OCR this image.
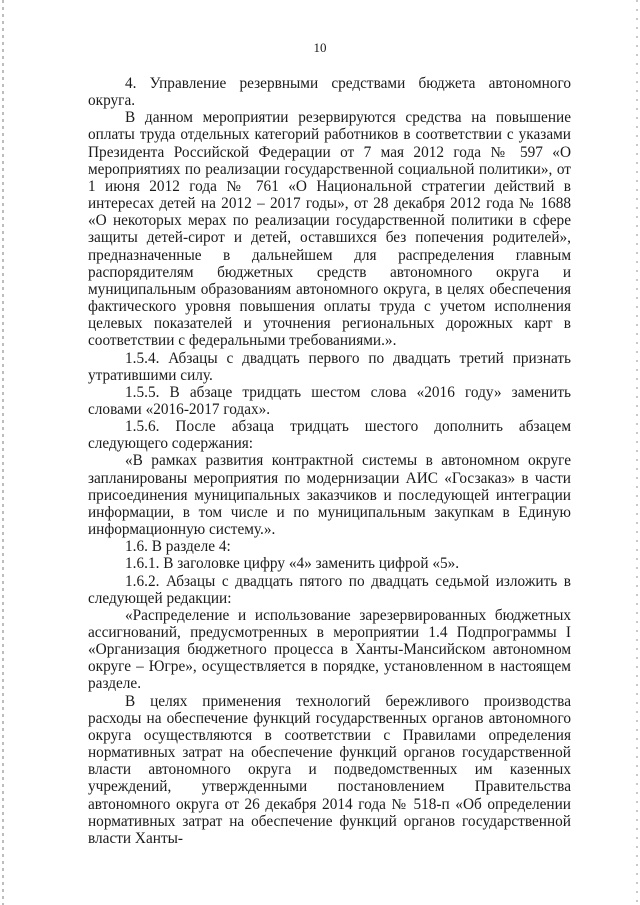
10

4. Управление резервными средствами бюджета автономного округа.

В данном мероприятии резервируются средства на повышение оплаты труда отдельных категорий работников в соответствии с указами Президента Российской Федерации от 7 мая 2012 года № 597 «О мероприятиях по реализации государственной социальной политики», от 1 июня 2012 года № 761 «О Национальной стратегии действий в интересах детей на 2012 – 2017 годы», от 28 декабря 2012 года № 1688 «О некоторых мерах по реализации государственной политики в сфере защиты детей-сирот и детей, оставшихся без попечения родителей», предназначенные в дальнейшем для распределения главным распорядителям бюджетных средств автономного округа и муниципальным образованиям автономного округа, в целях обеспечения фактического уровня повышения оплаты труда с учетом исполнения целевых показателей и уточнения региональных дорожных карт в соответствии с федеральными требованиями.».

1.5.4. Абзацы с двадцать первого по двадцать третий признать утратившими силу.

1.5.5. В абзаце тридцать шестом слова «2016 году» заменить словами «2016-2017 годах».

1.5.6. После абзаца тридцать шестого дополнить абзацем следующего содержания:

«В рамках развития контрактной системы в автономном округе запланированы мероприятия по модернизации АИС «Госзаказ» в части присоединения муниципальных заказчиков и последующей интеграции информации, в том числе и по муниципальным закупкам в Единую информационную систему.».

1.6. В разделе 4:

1.6.1. В заголовке цифру «4» заменить цифрой «5».

1.6.2. Абзацы с двадцать пятого по двадцать седьмой изложить в следующей редакции:

«Распределение и использование зарезервированных бюджетных ассигнований, предусмотренных в мероприятии 1.4 Подпрограммы I «Организация бюджетного процесса в Ханты-Мансийском автономном округе – Югре», осуществляется в порядке, установленном в настоящем разделе.

В целях применения технологий бережливого производства расходы на обеспечение функций государственных органов автономного округа осуществляются в соответствии с Правилами определения нормативных затрат на обеспечение функций органов государственной власти автономного округа и подведомственных им казенных учреждений, утвержденными постановлением Правительства автономного округа от 26 декабря 2014 года № 518-п «Об определении нормативных затрат на обеспечение функций органов государственной власти Ханты-
